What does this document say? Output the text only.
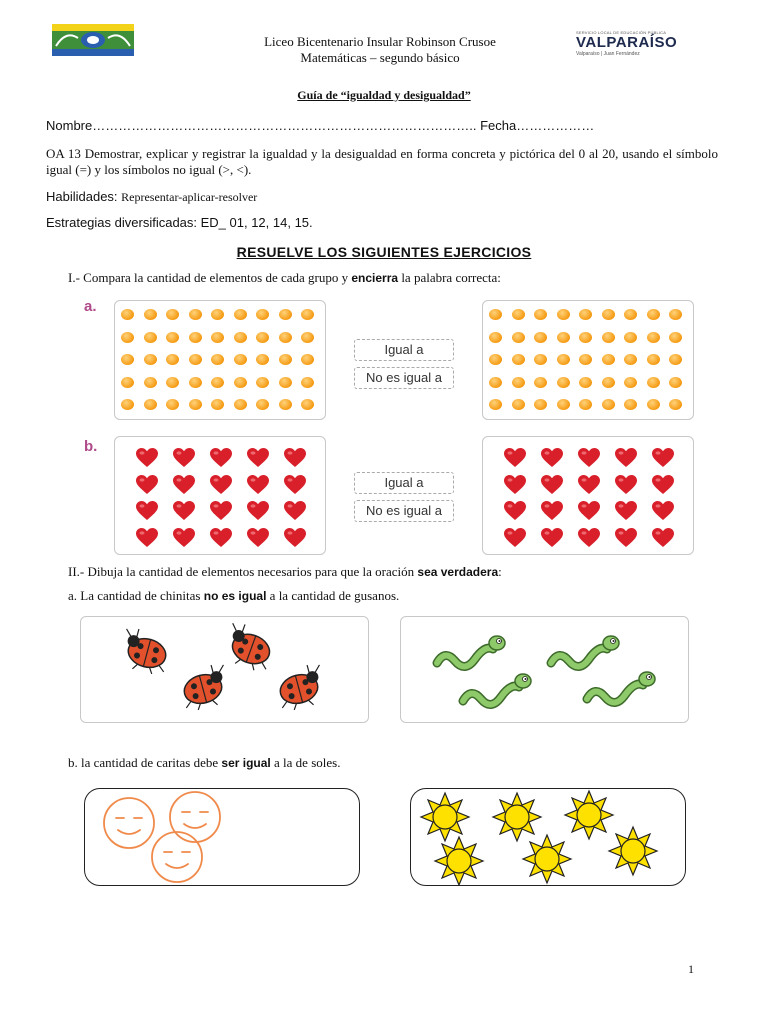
Liceo Bicentenario Insular Robinson Crusoe
Matemáticas – segundo básico
SERVICIO LOCAL DE EDUCACIÓN PÚBLICA
VALPARAÍSO
Valparaíso | Juan Fernández
Guía de “igualdad y desigualdad”
Nombre…………………………………………………………………………….. Fecha………………
OA 13 Demostrar, explicar y registrar la igualdad y la desigualdad en forma concreta y pictórica del 0 al 20, usando el símbolo igual (=) y los símbolos no igual (>, <).
Habilidades: Representar-aplicar-resolver
Estrategias diversificadas: ED_ 01, 12, 14, 15.
RESUELVE LOS SIGUIENTES EJERCICIOS
I.- Compara la cantidad de elementos de cada grupo y encierra la palabra correcta:
a.
b.
Igual a
No es igual a
Igual a
No es igual a
II.- Dibuja la cantidad de elementos necesarios para que la oración sea verdadera:
a. La cantidad de chinitas no es igual a la cantidad de gusanos.
b. la cantidad de caritas debe ser igual a la de soles.
1
